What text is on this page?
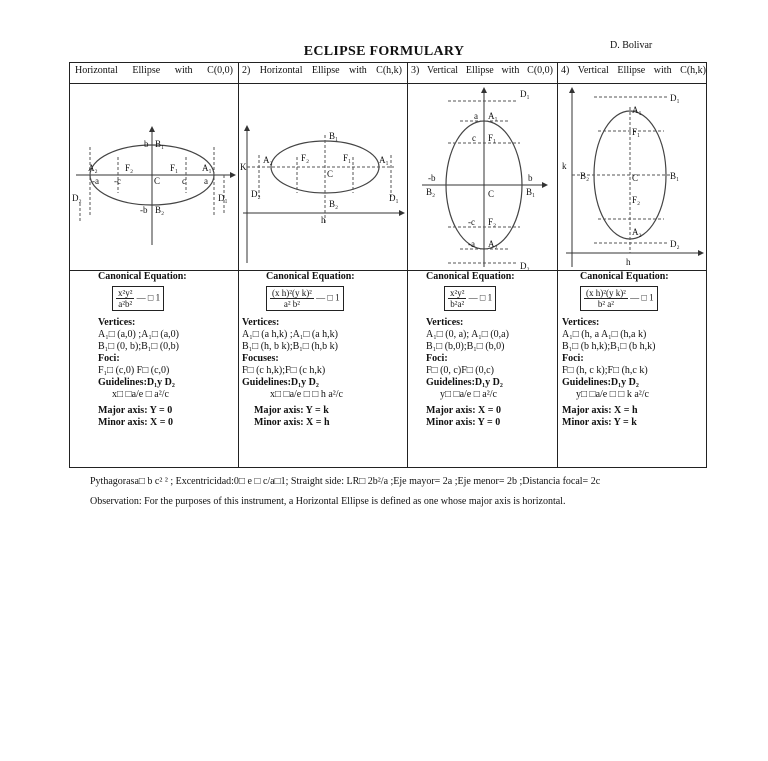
ECLIPSE FORMULARY	D. Bolivar
Horizontal Ellipse with C(0,0) 2) Horizontal Ellipse with C(h,k) 3) Vertical Ellipse with C(0,0) 4) Vertical Ellipse with C(h,k)
B₁
b
B₂
-b
A₂	A₁
-a	a
F₂	F₁
-c	c
C
D₂	D₁
K
A₂	A₁
B₁
B₂
F₂	F₁
C
D₂	D₁
h
D₁
D₂
a A₁
c F₁
-c F₂
-a A₂
-b
B₂
b
B₁
C
D₁
D₂
A₁
F₁
F₂
A₂
k
B₂	B₁
C
h
Canonical Equation:
$\frac{\text{x²y²}}{\text{a²b²}}$ — □ 1
Vertices:
A₁□ (a,0) ;A₁□ (a,0)
B₁□ (0, b);B₁□ (0,b)
Foci:
F₁□ (c,0) F□ (c,0)
Guidelines:D₁y D₂
x□ □a/e □ a²/c
Major axis: Y = 0
Minor axis: X = 0
Canonical Equation:
$\frac{\text{(x h)²(y k)²}}{\text{a² b²}}$ — □ 1
Vertices:
A₁□ (a h,k) ;A₁□ (a h,k)
B₁□ (h, b k);B₁□ (h,b k)
Focuses:
F□ (c h,k);F□ (c h,k)
Guidelines:D₁y D₂
x□ □a/e □ □ h a²/c
Major axis: Y = k
Minor axis: X = h
Canonical Equation:
$\frac{\text{x²y²}}{\text{b²a²}}$ — □ 1
Vertices:
A₁□ (0, a); A₁□ (0,a)
B₁□ (b,0);B₁□ (b,0)
Foci:
F□ (0, c)F□ (0,c)
Guidelines:D₁y D₂
y□ □a/e □ a²/c
Major axis: X = 0
Minor axis: Y = 0
Canonical Equation:
$\frac{\text{(x h)²(y k)²}}{\text{b² a²}}$ — □ 1
Vertices:
A₁□ (h, a A₁□ (h,a k)
B₁□ (b h,k);B₁□ (b h,k)
Foci:
F□ (h, c k);F□ (h,c k)
Guidelines:D₁y D₂
y□ □a/e □ □ k a²/c
Major axis: X = h
Minor axis: Y = k
Pythagorasa□ b c² ² ; Excentricidad:0□ e □ c/a□1; Straight side: LR□ 2b²/a ;Eje mayor= 2a ;Eje menor= 2b ;Distancia focal= 2c
Observation: For the purposes of this instrument, a Horizontal Ellipse is defined as one whose major axis is horizontal.
